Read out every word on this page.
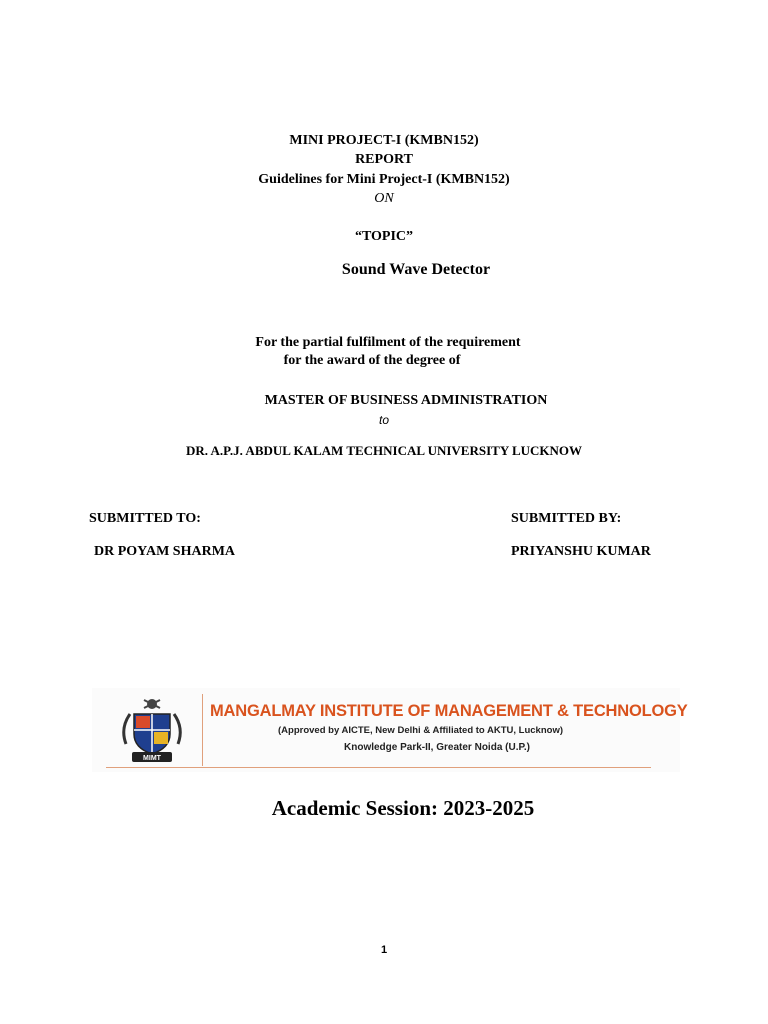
MINI PROJECT-I (KMBN152)
REPORT
Guidelines for Mini Project-I (KMBN152)
ON
“TOPIC”
Sound Wave Detector
For the partial fulfilment of the requirement
for the award of the degree of
MASTER OF BUSINESS ADMINISTRATION
to
DR. A.P.J. ABDUL KALAM TECHNICAL UNIVERSITY LUCKNOW
SUBMITTED TO:
DR POYAM SHARMA
SUBMITTED BY:
PRIYANSHU KUMAR
MIMT
MANGALMAY INSTITUTE OF MANAGEMENT & TECHNOLOGY
(Approved by AICTE, New Delhi & Affiliated to AKTU, Lucknow)
Knowledge Park-II, Greater Noida (U.P.)
Academic Session: 2023-2025
1
